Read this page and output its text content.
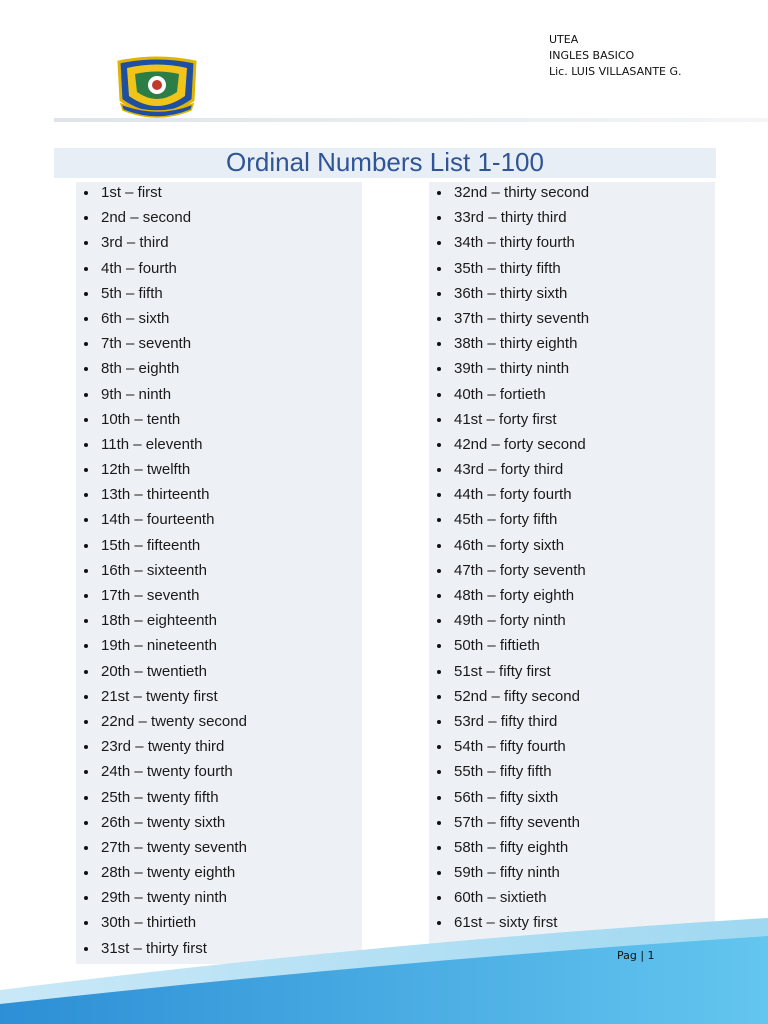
UTEA
INGLES BASICO
Lic. LUIS VILLASANTE G.
Ordinal Numbers List 1-100
1st – first
2nd – second
3rd – third
4th – fourth
5th – fifth
6th – sixth
7th – seventh
8th – eighth
9th – ninth
10th – tenth
11th – eleventh
12th – twelfth
13th – thirteenth
14th – fourteenth
15th – fifteenth
16th – sixteenth
17th – seventh
18th – eighteenth
19th – nineteenth
20th – twentieth
21st – twenty first
22nd – twenty second
23rd – twenty third
24th – twenty fourth
25th – twenty fifth
26th – twenty sixth
27th – twenty seventh
28th – twenty eighth
29th – twenty ninth
30th – thirtieth
31st – thirty first
32nd – thirty second
33rd – thirty third
34th – thirty fourth
35th – thirty fifth
36th – thirty sixth
37th – thirty seventh
38th – thirty eighth
39th – thirty ninth
40th – fortieth
41st – forty first
42nd – forty second
43rd – forty third
44th – forty fourth
45th – forty fifth
46th – forty sixth
47th – forty seventh
48th – forty eighth
49th – forty ninth
50th – fiftieth
51st – fifty first
52nd – fifty second
53rd – fifty third
54th – fifty fourth
55th – fifty fifth
56th – fifty sixth
57th – fifty seventh
58th – fifty eighth
59th – fifty ninth
60th – sixtieth
61st – sixty first
Pag | 1
